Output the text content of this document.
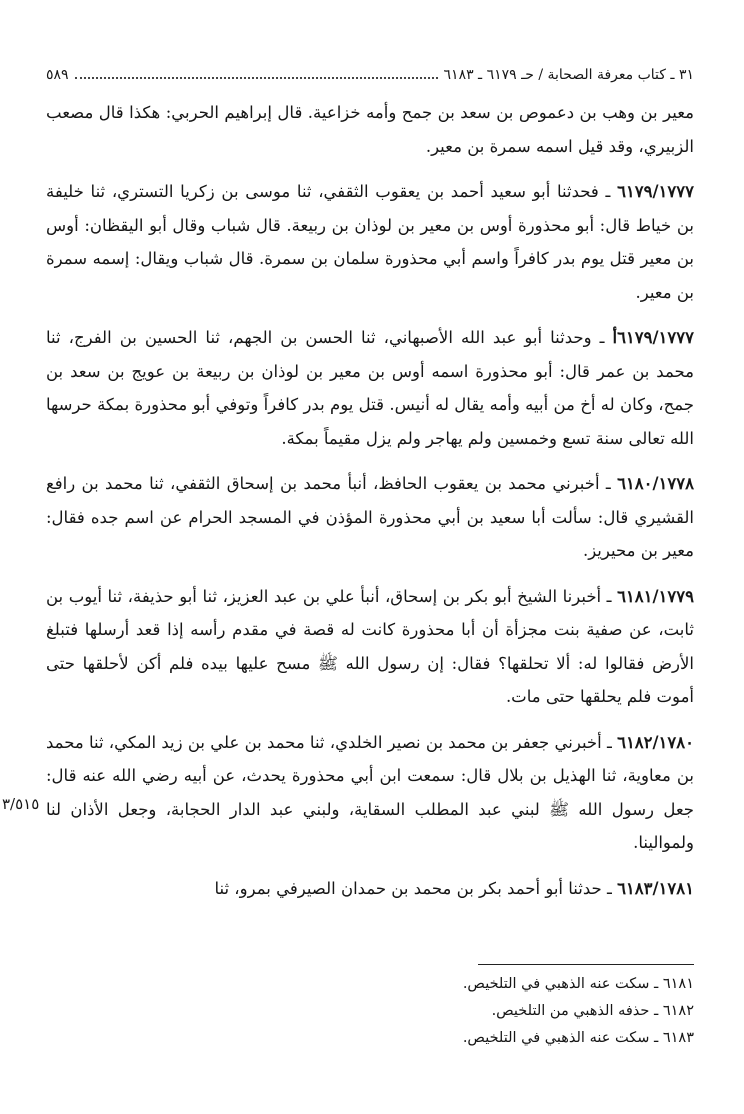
٣١ ـ كتاب معرفة الصحابة / حـ ٦١٧٩ ـ ٦١٨٣
٥٨٩

معير بن وهب بن دعموص بن سعد بن جمح وأمه خزاعية. قال إبراهيم الحربي: هكذا قال مصعب الزبيري، وقد قيل اسمه سمرة بن معير.

٦١٧٩/١٧٧٧ ـ فحدثنا أبو سعيد أحمد بن يعقوب الثقفي، ثنا موسى بن زكريا التستري، ثنا خليفة بن خياط قال: أبو محذورة أوس بن معير بن لوذان بن ربيعة. قال شباب وقال أبو اليقظان: أوس بن معير قتل يوم بدر كافراً واسم أبي محذورة سلمان بن سمرة. قال شباب ويقال: إسمه سمرة بن معير.

٦١٧٩/١٧٧٧أ ـ وحدثنا أبو عبد الله الأصبهاني، ثنا الحسن بن الجهم، ثنا الحسين بن الفرج، ثنا محمد بن عمر قال: أبو محذورة اسمه أوس بن معير بن لوذان بن ربيعة بن عويج بن سعد بن جمح، وكان له أخ من أبيه وأمه يقال له أنيس. قتل يوم بدر كافراً وتوفي أبو محذورة بمكة حرسها الله تعالى سنة تسع وخمسين ولم يهاجر ولم يزل مقيماً بمكة.

٦١٨٠/١٧٧٨ ـ أخبرني محمد بن يعقوب الحافظ، أنبأ محمد بن إسحاق الثقفي، ثنا محمد بن رافع القشيري قال: سألت أبا سعيد بن أبي محذورة المؤذن في المسجد الحرام عن اسم جده فقال: معير بن محيريز.

٦١٨١/١٧٧٩ ـ أخبرنا الشيخ أبو بكر بن إسحاق، أنبأ علي بن عبد العزيز، ثنا أبو حذيفة، ثنا أيوب بن ثابت، عن صفية بنت مجزأة أن أبا محذورة كانت له قصة في مقدم رأسه إذا قعد أرسلها فتبلغ الأرض فقالوا له: ألا تحلقها؟ فقال: إن رسول الله ﷺ مسح عليها بيده فلم أكن لأحلقها حتى أموت فلم يحلقها حتى مات.

٦١٨٢/١٧٨٠ ـ أخبرني جعفر بن محمد بن نصير الخلدي، ثنا محمد بن علي بن زيد المكي، ثنا محمد بن معاوية، ثنا الهذيل بن بلال قال: سمعت ابن أبي محذورة يحدث، عن أبيه رضي الله عنه قال: جعل رسول الله ﷺ لبني عبد المطلب السقاية، ولبني عبد الدار الحجابة، وجعل الأذان لنا ولموالينا.

٦١٨٣/١٧٨١ ـ حدثنا أبو أحمد بكر بن محمد بن حمدان الصيرفي بمرو، ثنا

٦١٨١ ـ سكت عنه الذهبي في التلخيص.
٦١٨٢ ـ حذفه الذهبي من التلخيص.
٦١٨٣ ـ سكت عنه الذهبي في التلخيص.
٣/٥١٥
